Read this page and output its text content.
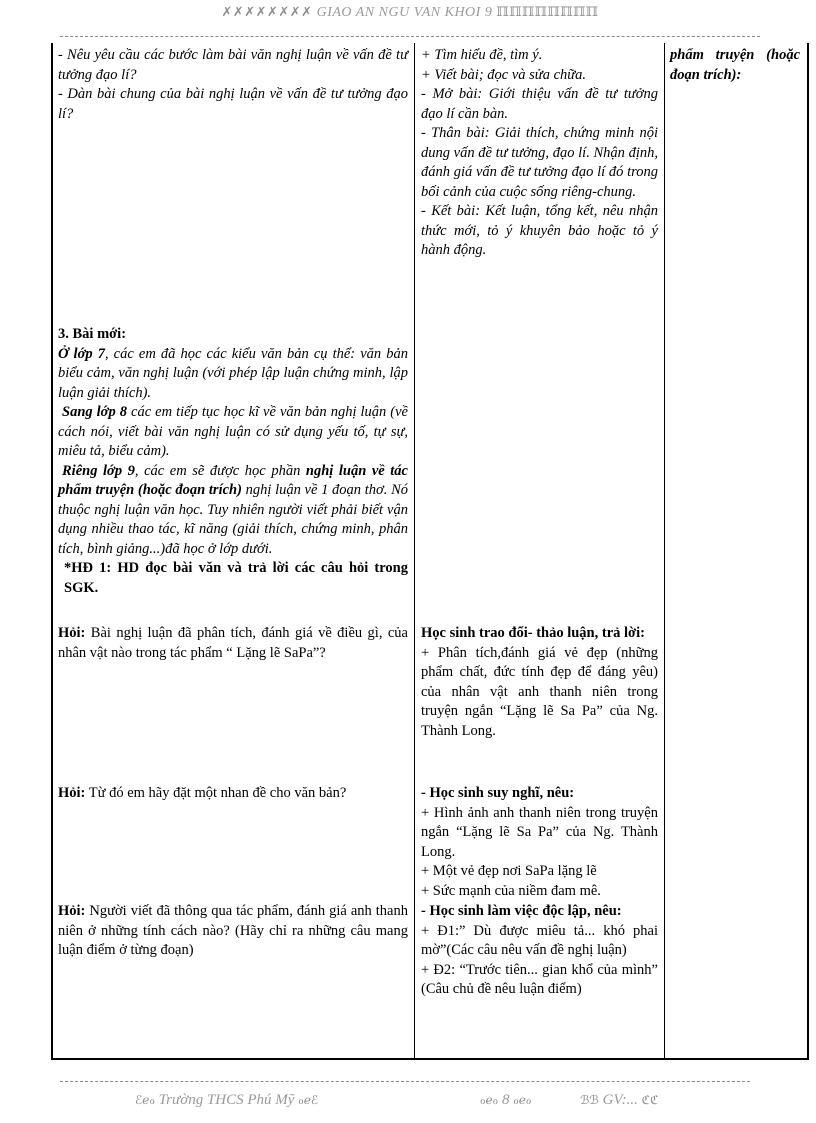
✗✗✗✗✗✗✗✗ GIAO AN NGU VAN KHOI 9 ℿℿℿℿℿℿℿℿ

- Nêu yêu cầu các bước làm bài văn nghị luận về vấn đề tư tưởng đạo lí?

- Dàn bài chung của bài nghị luận về vấn đề tư tưởng đạo lí?

3. Bài mới:

Ở lớp 7, các em đã học các kiểu văn bản cụ thể: văn bản biểu cảm, văn nghị luận (với phép lập luận chứng minh, lập luận giải thích).

Sang lớp 8 các em tiếp tục học kĩ về văn bản nghị luận (về cách nói, viết bài văn nghị luận có sử dụng yếu tố, tự sự, miêu tả, biểu cảm).

Riêng lớp 9, các em sẽ được học phần nghị luận về tác phẩm truyện (hoặc đoạn trích) nghị luận về 1 đoạn thơ. Nó thuộc nghị luận văn học. Tuy nhiên người viết phải biết vận dụng nhiều thao tác, kĩ năng (giải thích, chứng minh, phân tích, bình giảng...)đã học ở lớp dưới.

*HĐ 1: HD đọc bài văn và trả lời các câu hỏi trong SGK.

Hỏi: Bài nghị luận đã phân tích, đánh giá về điều gì, của nhân vật nào trong tác phẩm “ Lặng lẽ SaPa”?
Hỏi: Từ đó em hãy đặt một nhan đề cho văn bản?
Hỏi: Người viết đã thông qua tác phẩm, đánh giá anh thanh niên ở những tính cách nào? (Hãy chỉ ra những câu mang luận điểm ở từng đoạn)

+ Tìm hiểu đề, tìm ý.

+ Viết bài; đọc và sửa chữa.

- Mở bài: Giới thiệu vấn đề tư tưởng đạo lí cần bàn.

- Thân bài: Giải thích, chứng minh nội dung vấn đề tư tưởng, đạo lí. Nhận định, đánh giá vấn đề tư tưởng đạo lí đó trong bối cảnh của cuộc sống riêng-chung.

- Kết bài: Kết luận, tổng kết, nêu nhận thức mới, tỏ ý khuyên bảo hoặc tỏ ý hành động.

Học sinh trao đổi- thảo luận, trả lời:

+ Phân tích,đánh giá vẻ đẹp (những phẩm chất, đức tính đẹp để đáng yêu) của nhân vật anh thanh niên trong truyện ngắn “Lặng lẽ Sa Pa” của Ng. Thành Long.

- Học sinh suy nghĩ, nêu:

+ Hình ảnh anh thanh niên trong truyện ngắn “Lặng lẽ Sa Pa” của Ng. Thành Long.

+ Một vẻ đẹp nơi SaPa lặng lẽ

+ Sức mạnh của niềm đam mê.

- Học sinh làm việc độc lập, nêu:

+ Đ1:” Dù được miêu tả... khó phai mờ”(Các câu nêu vấn đề nghị luận)

+ Đ2: “Trước tiên... gian khổ của mình” (Câu chủ đề nêu luận điểm)

phẩm truyện (hoặc đoạn trích):
ℰℯℴ Trường THCS Phú Mỹ ℴℯℰ	ℴℯℴ 8 ℴℯℴ	ℬℬ GV:... ℭℭ
